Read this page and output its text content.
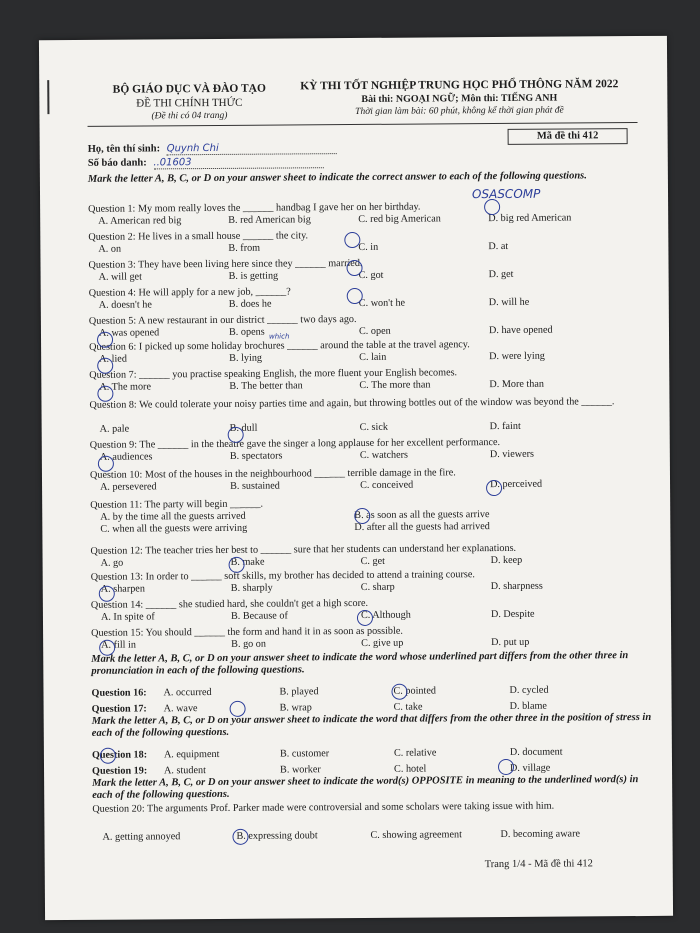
BỘ GIÁO DỤC VÀ ĐÀO TẠO
ĐỀ THI CHÍNH THỨC
(Đề thi có 04 trang)
KỲ THI TỐT NGHIỆP TRUNG HỌC PHỔ THÔNG NĂM 2022
Bài thi: NGOẠI NGỮ; Môn thi: TIẾNG ANH
Thời gian làm bài: 60 phút, không kể thời gian phát đề
Mã đề thi 412
Họ, tên thí sinh: Quynh Chi
Số báo danh: ..01603
Mark the letter A, B, C, or D on your answer sheet to indicate the correct answer to each of the following questions.
Question 1: My mom really loves the ______ handbag I gave her on her birthday.
A. American red big	B. red American big	C. red big American	D. big red American
Question 2: He lives in a small house ______ the city.
A. on	B. from	C. in	D. at
Question 3: They have been living here since they ______ married.
A. will get	B. is getting	C. got	D. get
Question 4: He will apply for a new job, ______?
A. doesn't he	B. does he	C. won't he	D. will he
Question 5: A new restaurant in our district ______ two days ago.
A. was opened	B. opens	C. open	D. have opened
Question 6: I picked up some holiday brochures ______ around the table at the travel agency.
A. lied	B. lying	C. lain	D. were lying
Question 7: ______ you practise speaking English, the more fluent your English becomes.
A. The more	B. The better than	C. The more than	D. More than
Question 8: We could tolerate your noisy parties time and again, but throwing bottles out of the window was beyond the ______.
A. pale	B. dull	C. sick	D. faint
Question 9: The ______ in the theatre gave the singer a long applause for her excellent performance.
A. audiences	B. spectators	C. watchers	D. viewers
Question 10: Most of the houses in the neighbourhood ______ terrible damage in the fire.
A. persevered	B. sustained	C. conceived	D. perceived
Question 11: The party will begin ______.
A. by the time all the guests arrived	B. as soon as all the guests arrive
C. when all the guests were arriving	D. after all the guests had arrived
Question 12: The teacher tries her best to ______ sure that her students can understand her explanations.
A. go	B. make	C. get	D. keep
Question 13: In order to ______ soft skills, my brother has decided to attend a training course.
A. sharpen	B. sharply	C. sharp	D. sharpness
Question 14: ______ she studied hard, she couldn't get a high score.
A. In spite of	B. Because of	C. Although	D. Despite
Question 15: You should ______ the form and hand it in as soon as possible.
A. fill in	B. go on	C. give up	D. put up
Mark the letter A, B, C, or D on your answer sheet to indicate the word whose underlined part differs from the other three in pronunciation in each of the following questions.
Question 16: A. occurred	B. played	C. pointed	D. cycled
Question 17: A. wave	B. wrap	C. take	D. blame
Mark the letter A, B, C, or D on your answer sheet to indicate the word that differs from the other three in the position of stress in each of the following questions.
Question 18: A. equipment	B. customer	C. relative	D. document
Question 19: A. student	B. worker	C. hotel	D. village
Mark the letter A, B, C, or D on your answer sheet to indicate the word(s) OPPOSITE in meaning to the underlined word(s) in each of the following questions.
Question 20: The arguments Prof. Parker made were controversial and some scholars were taking issue with him.
A. getting annoyed	B. expressing doubt	C. showing agreement	D. becoming aware
OSASCOMP
which
Trang 1/4 - Mã đề thi 412
